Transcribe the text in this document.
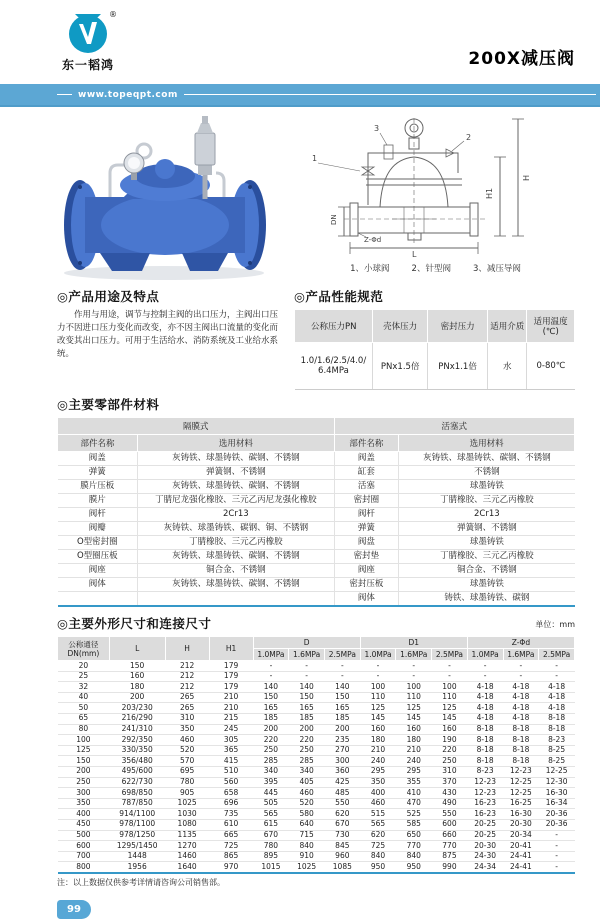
®
东一韬鸿	200X减压阀
www.topeqpt.com
1
2
3
H1
H
DN
L
Z-Φd
1、小球阀	2、针型阀	3、减压导阀
◎产品用途及特点

作用与用途，调节与控制主阀的出口压力，主阀出口压力不因进口压力变化而改变，亦不因主阀出口流量的变化而改变其出口压力。可用于生活给水、消防系统及工业给水系统。

◎产品性能规范
公称压力PN	壳体压力	密封压力	适用介质	适用温度(℃)
1.0/1.6/2.5/4.0/6.4MPa	PNx1.5倍	PNx1.1倍	水	0-80℃
◎主要零部件材料
隔膜式		活塞式	
部件名称	选用材料	部件名称	选用材料
阀盖	灰铸铁、球墨铸铁、碳钢、不锈钢	阀盖	灰铸铁、球墨铸铁、碳钢、不锈钢
弹簧	弹簧钢、不锈钢	缸套	不锈钢
膜片压板	灰铸铁、球墨铸铁、碳钢、不锈钢	活塞	球墨铸铁
膜片	丁腈尼龙强化橡胶、三元乙丙尼龙强化橡胶	密封圈	丁腈橡胶、三元乙丙橡胶
阀杆	2Cr13	阀杆	2Cr13
阀瓣	灰铸铁、球墨铸铁、碳钢、铜、不锈钢	弹簧	弹簧钢、不锈钢
O型密封圈	丁腈橡胶、三元乙丙橡胶	阀盘	球墨铸铁
O型圈压板	灰铸铁、球墨铸铁、碳钢、不锈钢	密封垫	丁腈橡胶、三元乙丙橡胶
阀座	铜合金、不锈钢	阀座	铜合金、不锈钢
阀体	灰铸铁、球墨铸铁、碳钢、不锈钢	密封压板	球墨铸铁
		阀体	铸铁、球墨铸铁、碳钢
◎主要外形尺寸和连接尺寸	单位：mm
公称通径
DN(mm)	L	H	H1	D			D1			Z-Φd		
				1.0MPa	1.6MPa	2.5MPa	1.0MPa	1.6MPa	2.5MPa	1.0MPa	1.6MPa	2.5MPa
20	150	212	179	-	-	-	-	-	-	-	-	-
25	160	212	179	-	-	-	-	-	-	-	-	-
32	180	212	179	140	140	140	100	100	100	4-18	4-18	4-18
40	200	265	210	150	150	150	110	110	110	4-18	4-18	4-18
50	203/230	265	210	165	165	165	125	125	125	4-18	4-18	4-18
65	216/290	310	215	185	185	185	145	145	145	4-18	4-18	8-18
80	241/310	350	245	200	200	200	160	160	160	8-18	8-18	8-18
100	292/350	460	305	220	220	235	180	180	190	8-18	8-18	8-23
125	330/350	520	365	250	250	270	210	210	220	8-18	8-18	8-25
150	356/480	570	415	285	285	300	240	240	250	8-18	8-18	8-25
200	495/600	695	510	340	340	360	295	295	310	8-23	12-23	12-25
250	622/730	780	560	395	405	425	350	355	370	12-23	12-25	12-30
300	698/850	905	658	445	460	485	400	410	430	12-23	12-25	16-30
350	787/850	1025	696	505	520	550	460	470	490	16-23	16-25	16-34
400	914/1100	1030	735	565	580	620	515	525	550	16-23	16-30	20-36
450	978/1100	1080	610	615	640	670	565	585	600	20-25	20-30	20-36
500	978/1250	1135	665	670	715	730	620	650	660	20-25	20-34	-
600	1295/1450	1270	725	780	840	845	725	770	770	20-30	20-41	-
700	1448	1460	865	895	910	960	840	840	875	24-30	24-41	-
800	1956	1640	970	1015	1025	1085	950	950	990	24-34	24-41	-

注：以上数据仅供参考详情请咨询公司销售部。

99
